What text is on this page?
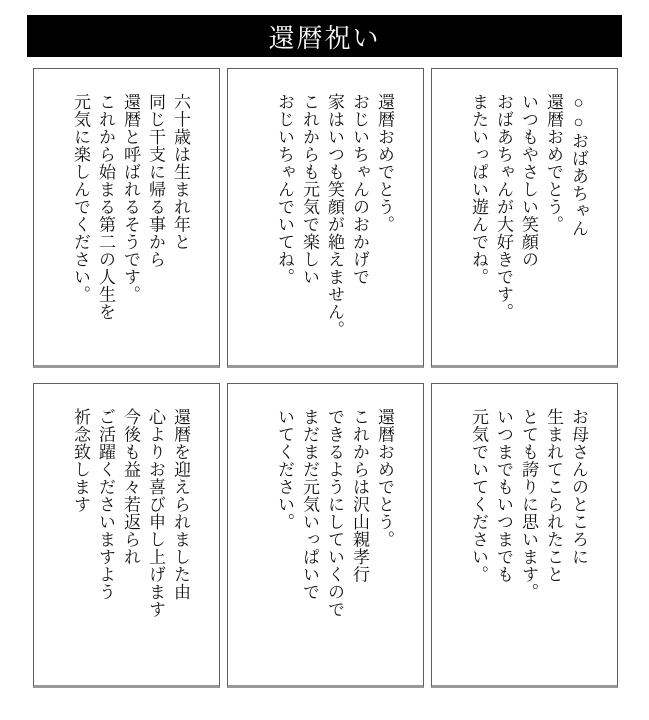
還暦祝い

○○おばあちゃん

還暦おめでとう。

いつもやさしい笑顔の

おばあちゃんが大好きです。

またいっぱい遊んでね。

還暦おめでとう。

おじいちゃんのおかげで

家はいつも笑顔が絶えません。

これからも元気で楽しい

おじいちゃんでいてね。

六十歳は生まれ年と

同じ干支に帰る事から

還暦と呼ばれるそうです。

これから始まる第二の人生を

元気に楽しんでください。

お母さんのところに

生まれてこられたこと

とても誇りに思います。

いつまでもいつまでも

元気でいてください。

還暦おめでとう。

これからは沢山親孝行

できるようにしていくので

まだまだ元気いっぱいで

いてください。

還暦を迎えられました由

心よりお喜び申し上げます

今後も益々若返られ

ご活躍くださいますよう

祈念致します
